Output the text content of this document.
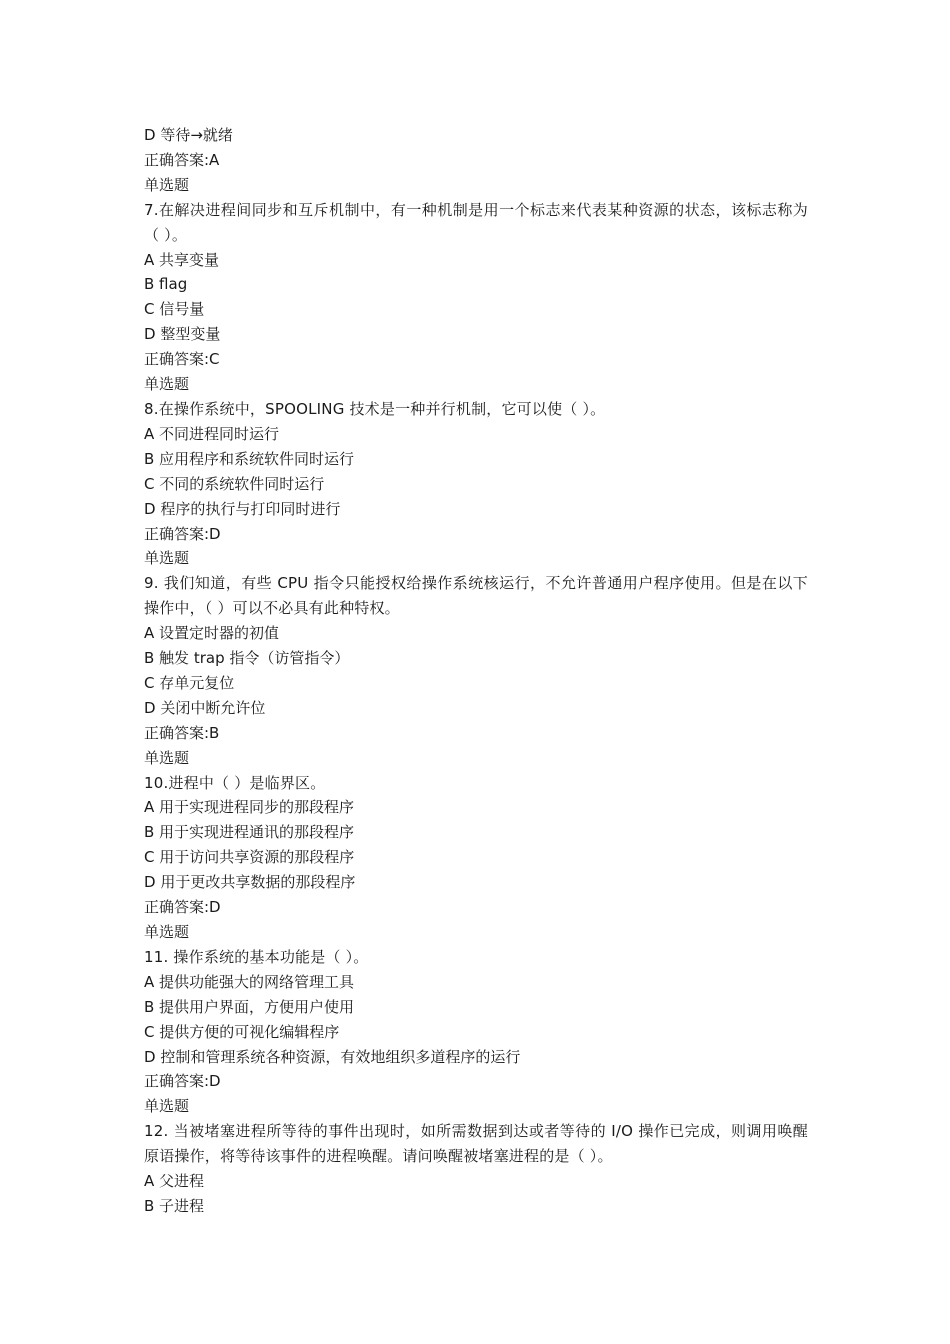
D 等待→就绪
正确答案:A
单选题
7.在解决进程间同步和互斥机制中，有一种机制是用一个标志来代表某种资源的状态，该标志称为（ ）。
A 共享变量
B flag
C 信号量
D 整型变量
正确答案:C
单选题
8.在操作系统中，SPOOLING 技术是一种并行机制，它可以使（ ）。
A 不同进程同时运行
B 应用程序和系统软件同时运行
C 不同的系统软件同时运行
D 程序的执行与打印同时进行
正确答案:D
单选题
9. 我们知道，有些 CPU 指令只能授权给操作系统核运行，不允许普通用户程序使用。但是在以下操作中，（ ）可以不必具有此种特权。
A 设置定时器的初值
B 触发 trap 指令（访管指令）
C 存单元复位
D 关闭中断允许位
正确答案:B
单选题
10.进程中（ ）是临界区。
A 用于实现进程同步的那段程序
B 用于实现进程通讯的那段程序
C 用于访问共享资源的那段程序
D 用于更改共享数据的那段程序
正确答案:D
单选题
11. 操作系统的基本功能是（ ）。
A 提供功能强大的网络管理工具
B 提供用户界面，方便用户使用
C 提供方便的可视化编辑程序
D 控制和管理系统各种资源，有效地组织多道程序的运行
正确答案:D
单选题
12. 当被堵塞进程所等待的事件出现时，如所需数据到达或者等待的 I/O 操作已完成，则调用唤醒原语操作，将等待该事件的进程唤醒。请问唤醒被堵塞进程的是（ ）。
A 父进程
B 子进程
